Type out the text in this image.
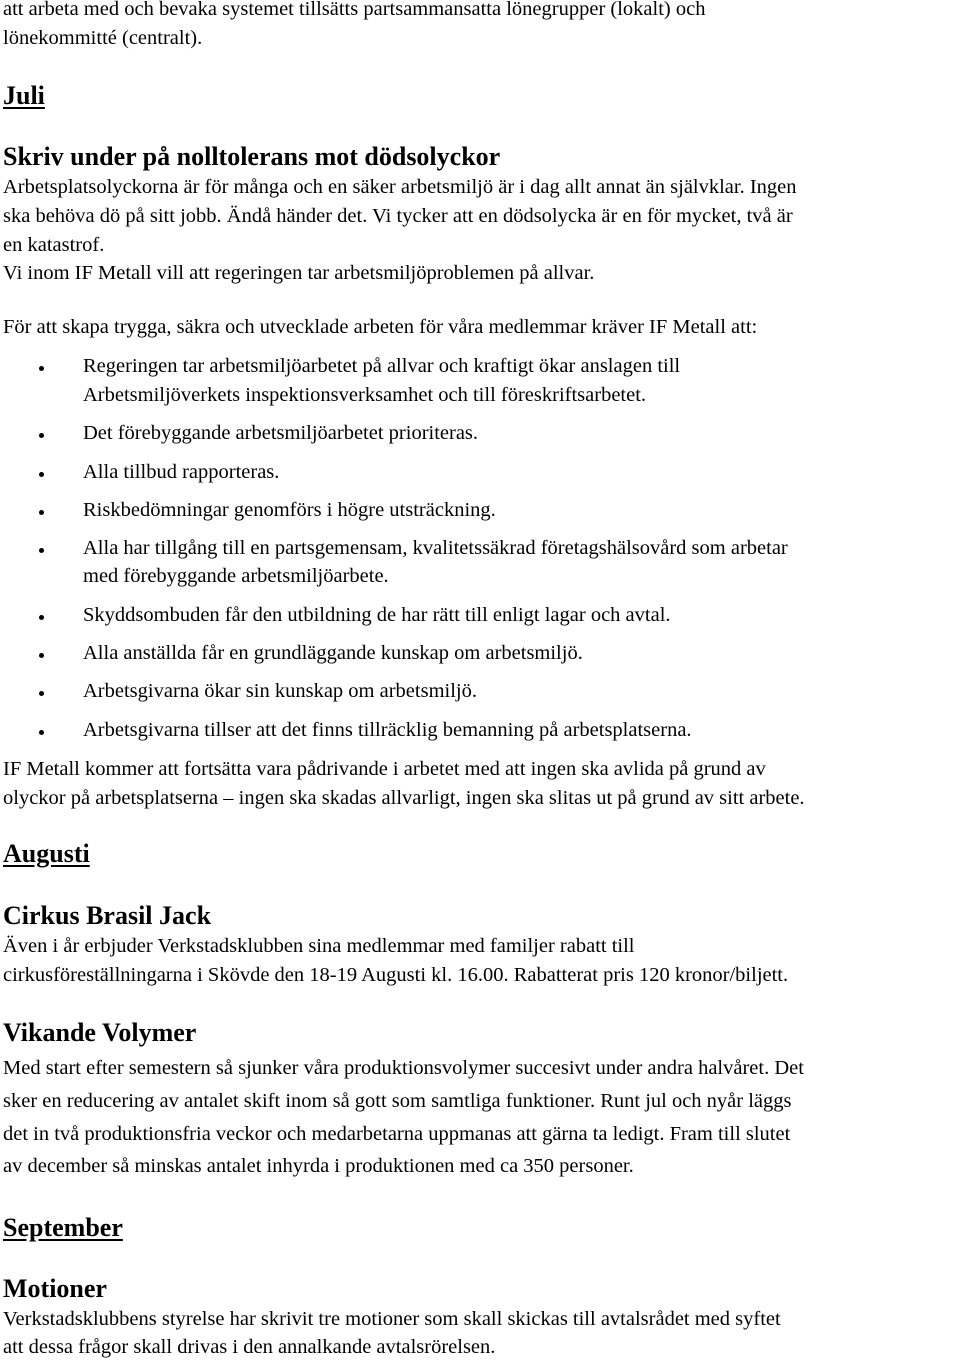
att arbeta med och bevaka systemet tillsätts partsammansatta lönegrupper (lokalt) och
lönekommitté (centralt).
Juli
Skriv under på nolltolerans mot dödsolyckor
Arbetsplatsolyckorna är för många och en säker arbetsmiljö är i dag allt annat än självklar. Ingen
ska behöva dö på sitt jobb. Ändå händer det. Vi tycker att en dödsolycka är en för mycket, två är
en katastrof.
Vi inom IF Metall vill att regeringen tar arbetsmiljöproblemen på allvar.
För att skapa trygga, säkra och utvecklade arbeten för våra medlemmar kräver IF Metall att:
Regeringen tar arbetsmiljöarbetet på allvar och kraftigt ökar anslagen till
Arbetsmiljöverkets inspektionsverksamhet och till föreskriftsarbetet.
Det förebyggande arbetsmiljöarbetet prioriteras.
Alla tillbud rapporteras.
Riskbedömningar genomförs i högre utsträckning.
Alla har tillgång till en partsgemensam, kvalitetssäkrad företagshälsovård som arbetar
med förebyggande arbetsmiljöarbete.
Skyddsombuden får den utbildning de har rätt till enligt lagar och avtal.
Alla anställda får en grundläggande kunskap om arbetsmiljö.
Arbetsgivarna ökar sin kunskap om arbetsmiljö.
Arbetsgivarna tillser att det finns tillräcklig bemanning på arbetsplatserna.
IF Metall kommer att fortsätta vara pådrivande i arbetet med att ingen ska avlida på grund av
olyckor på arbetsplatserna – ingen ska skadas allvarligt, ingen ska slitas ut på grund av sitt arbete.
Augusti
Cirkus Brasil Jack
Även i år erbjuder Verkstadsklubben sina medlemmar med familjer rabatt till
cirkusföreställningarna i Skövde den 18-19 Augusti kl. 16.00. Rabatterat pris 120 kronor/biljett.
Vikande Volymer
Med start efter semestern så sjunker våra produktionsvolymer succesivt under andra halvåret. Det
sker en reducering av antalet skift inom så gott som samtliga funktioner. Runt jul och nyår läggs
det in två produktionsfria veckor och medarbetarna uppmanas att gärna ta ledigt. Fram till slutet
av december så minskas antalet inhyrda i produktionen med ca 350 personer.
September
Motioner
Verkstadsklubbens styrelse har skrivit tre motioner som skall skickas till avtalsrådet med syftet
att dessa frågor skall drivas i den annalkande avtalsrörelsen.
